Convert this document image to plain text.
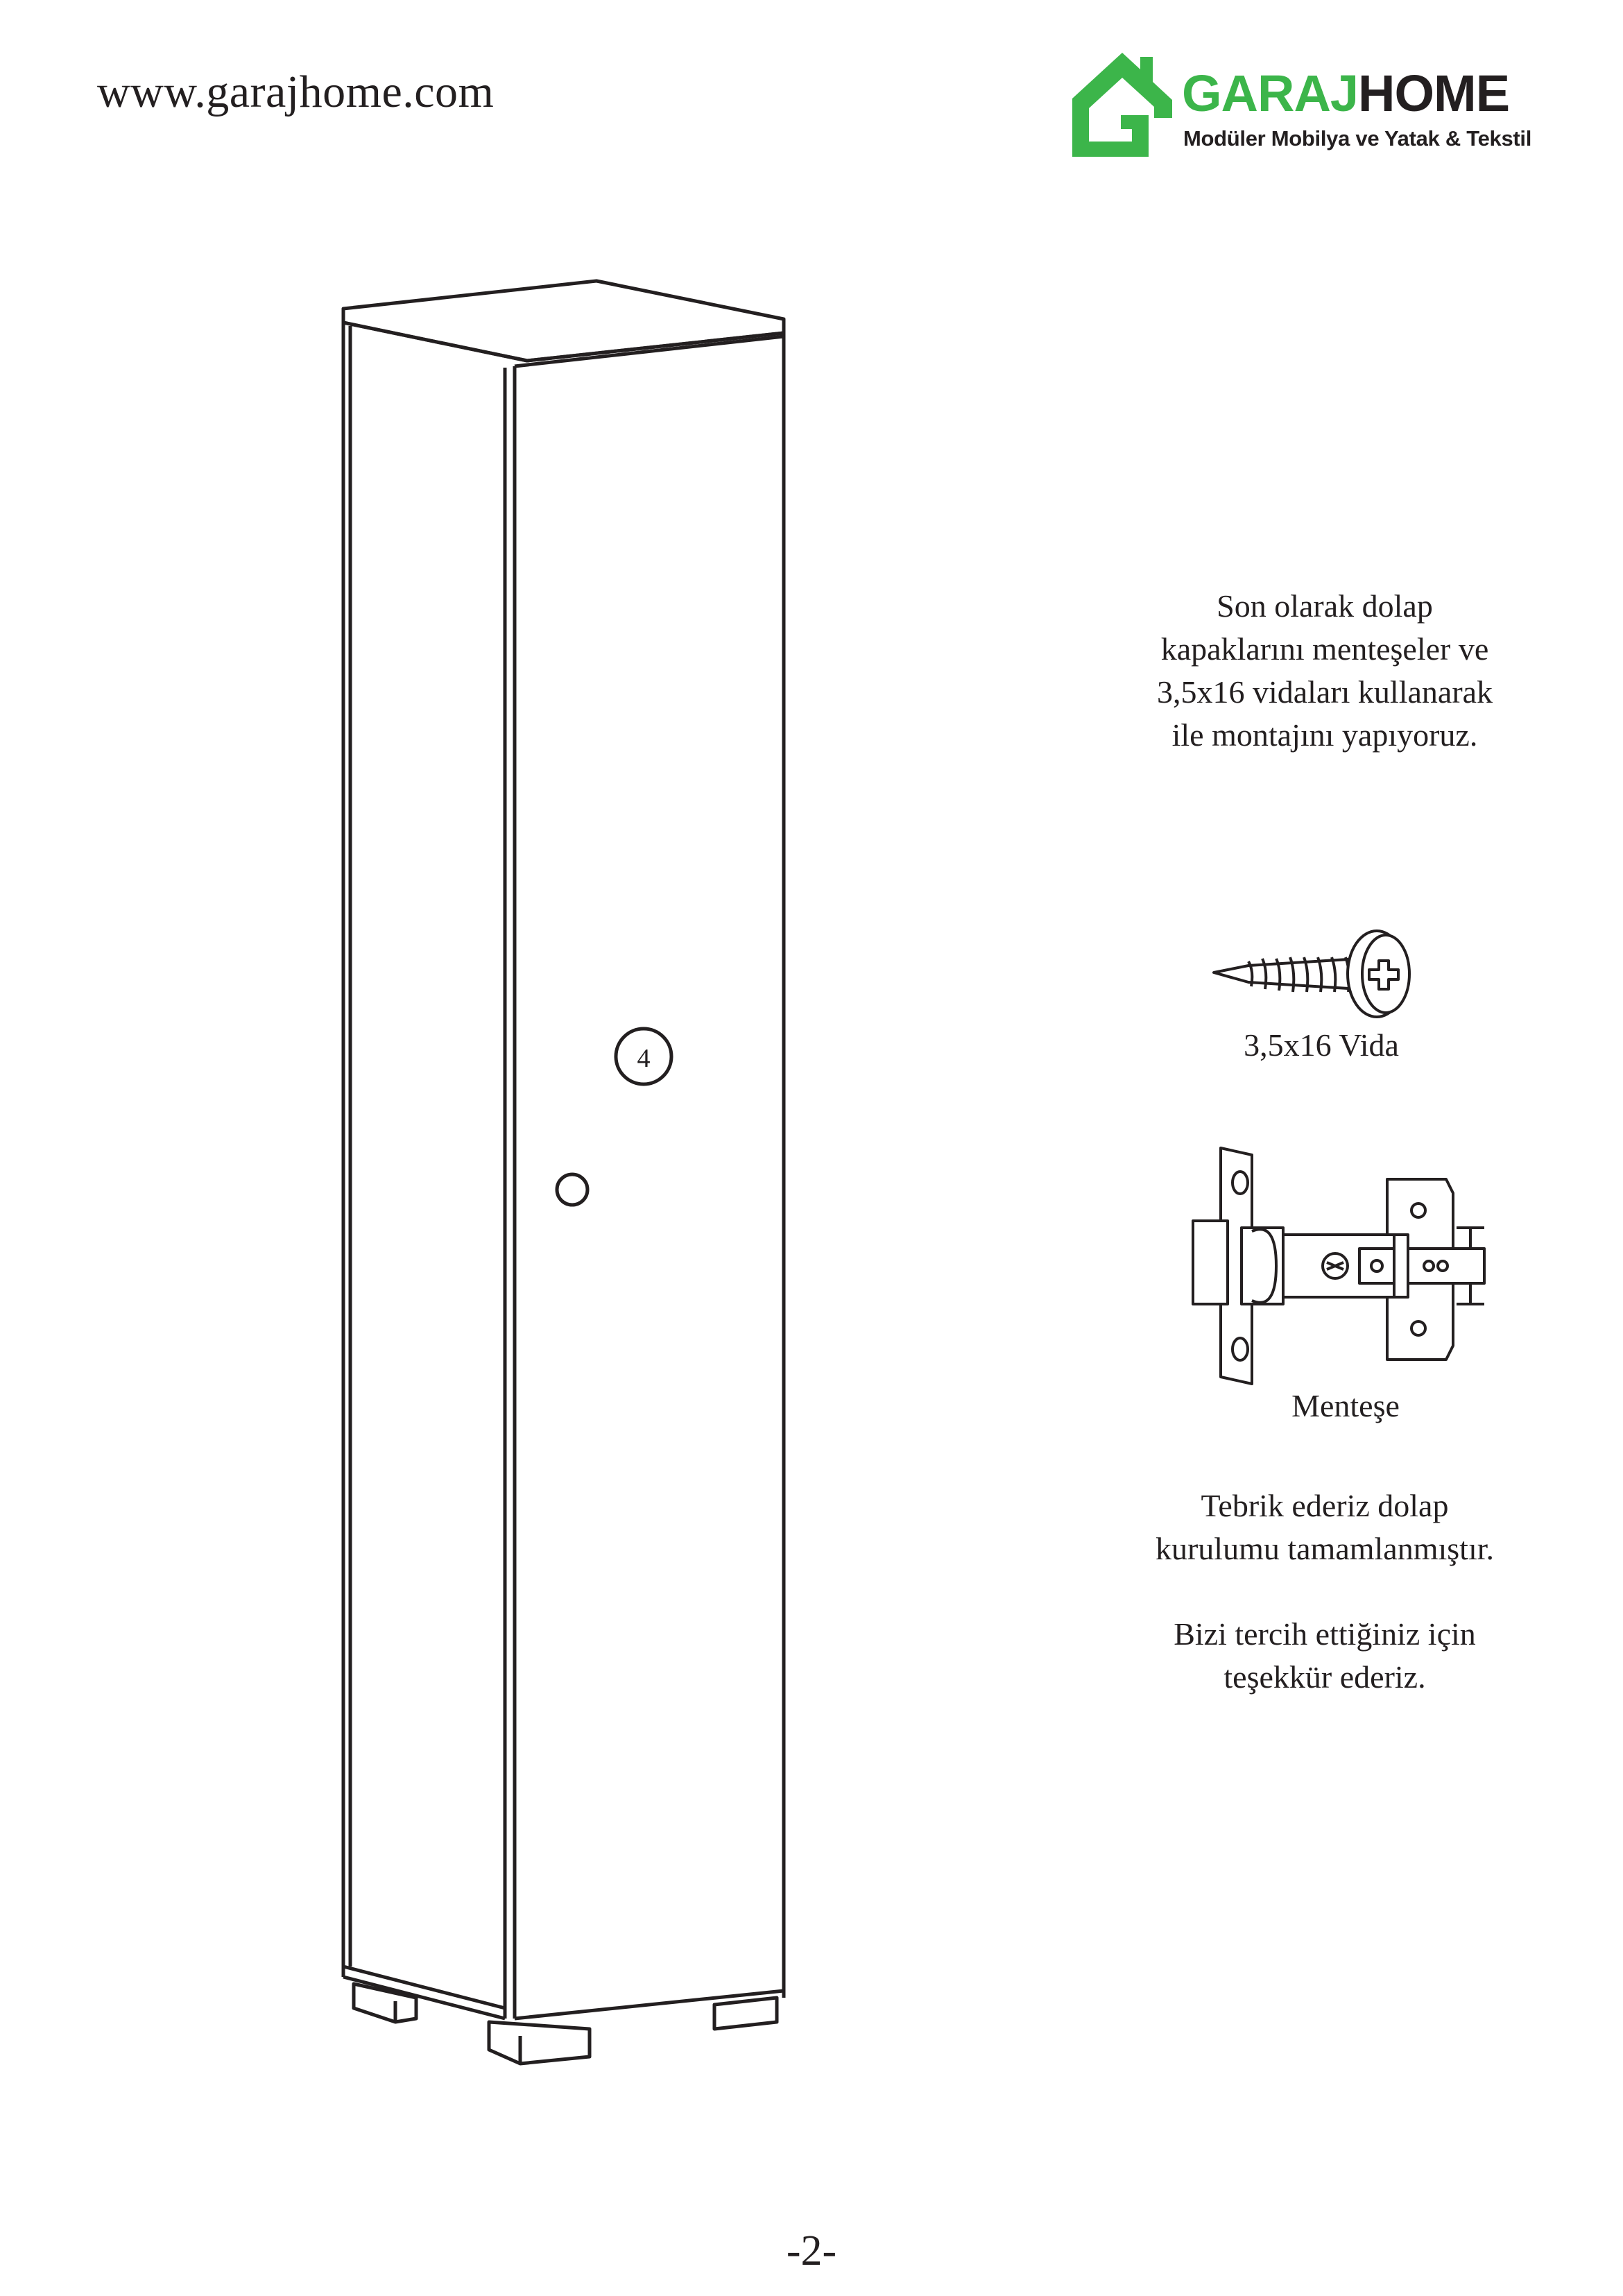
www.garajhome.com	GARAJHOME
Modüler Mobilya ve Yatak & Tekstil
4
Son olarak dolap
kapaklarını menteşeler ve
3,5x16 vidaları kullanarak
ile montajını yapıyoruz.
3,5x16 Vida
Menteşe
Tebrik ederiz dolap
kurulumu tamamlanmıştır.
Bizi tercih ettiğiniz için
teşekkür ederiz.
-2-
